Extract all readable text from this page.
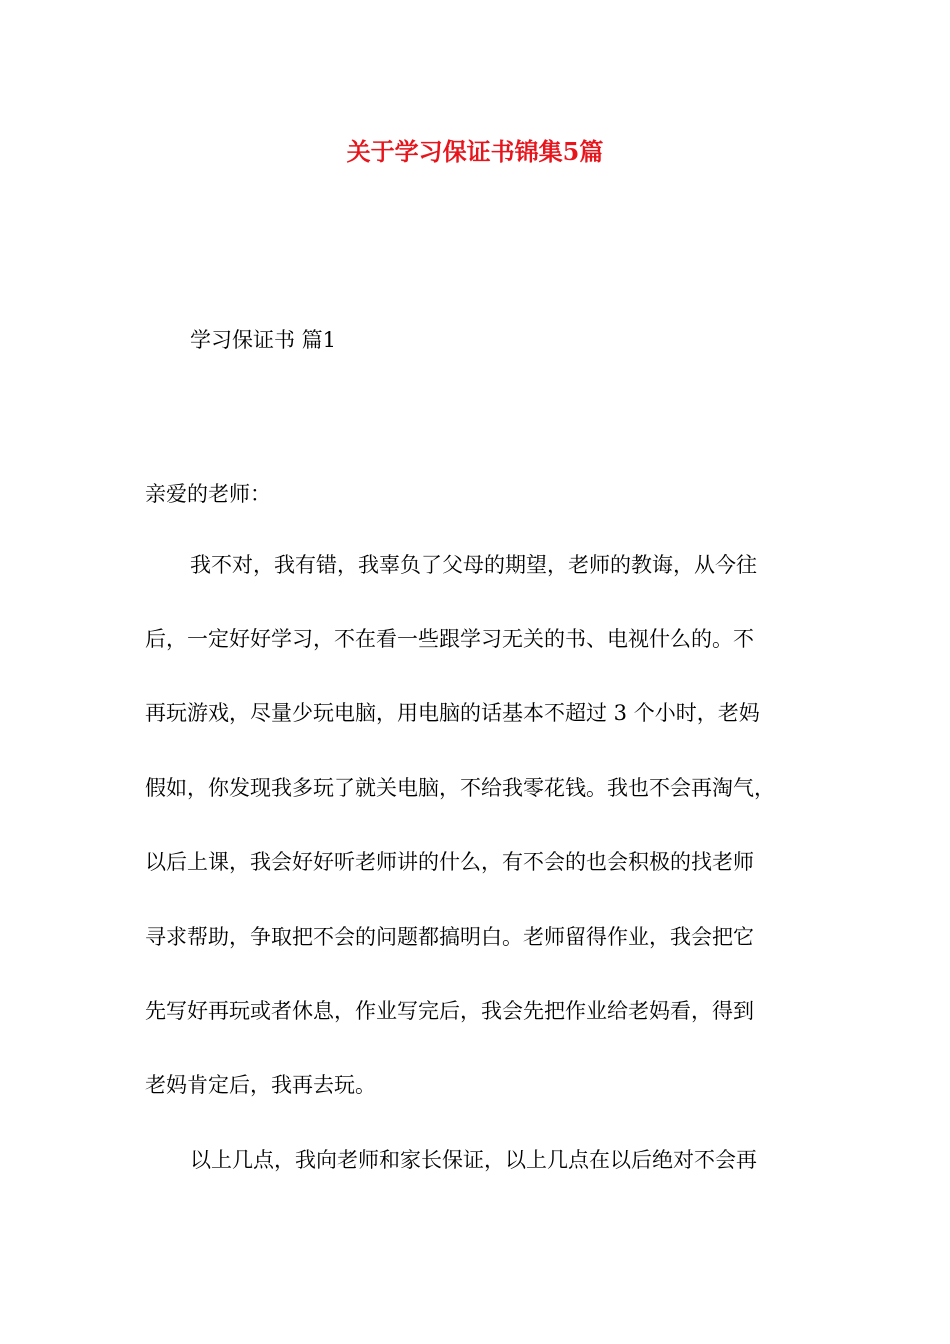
关于学习保证书锦集5篇

学习保证书 篇1

亲爱的老师：

我不对，我有错，我辜负了父母的期望，老师的教诲，从今往

后，一定好好学习，不在看一些跟学习无关的书、电视什么的。不

再玩游戏，尽量少玩电脑，用电脑的话基本不超过 3 个小时，老妈

假如，你发现我多玩了就关电脑，不给我零花钱。我也不会再淘气，

以后上课，我会好好听老师讲的什么，有不会的也会积极的找老师

寻求帮助，争取把不会的问题都搞明白。老师留得作业，我会把它

先写好再玩或者休息，作业写完后，我会先把作业给老妈看，得到

老妈肯定后，我再去玩。

以上几点，我向老师和家长保证，以上几点在以后绝对不会再
